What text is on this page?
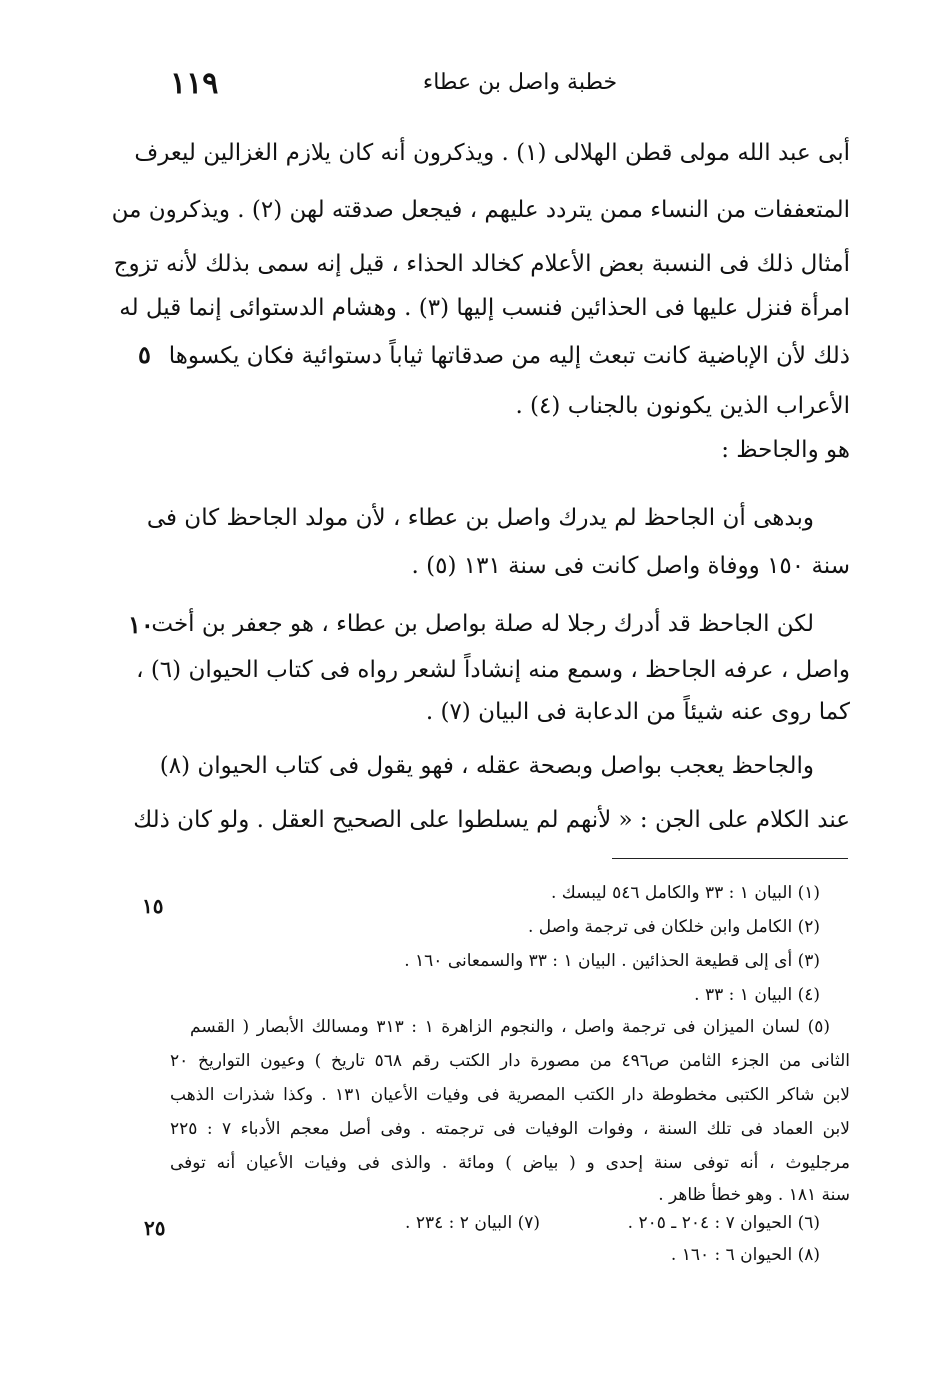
١١٩	خطبة واصل بن عطاء
أبى عبد الله مولى قطن الهلالى (١) . ويذكرون أنه كان يلازم الغزالين ليعرف
المتعففات من النساء ممن يتردد عليهم ، فيجعل صدقته لهن (٢) . ويذكرون من
أمثال ذلك فى النسبة بعض الأعلام كخالد الحذاء ، قيل إنه سمى بذلك لأنه تزوج
امرأة فنزل عليها فى الحذائين فنسب إليها (٣) . وهشام الدستوائى إنما قيل له
ذلك لأن الإباضية كانت تبعث إليه من صدقاتها ثياباً دستوائية فكان يكسوها
الأعراب الذين يكونون بالجناب (٤) .
٥
هو والجاحظ :
وبدهى أن الجاحظ لم يدرك واصل بن عطاء ، لأن مولد الجاحظ كان فى
سنة ١٥٠ ووفاة واصل كانت فى سنة ١٣١ (٥) .
لكن الجاحظ قد أدرك رجلا له صلة بواصل بن عطاء ، هو جعفر بن أخت
واصل ، عرفه الجاحظ ، وسمع منه إنشاداً لشعر رواه فى كتاب الحيوان (٦) ،
كما روى عنه شيئاً من الدعابة فى البيان (٧) .
١٠
والجاحظ يعجب بواصل وبصحة عقله ، فهو يقول فى كتاب الحيوان (٨)
عند الكلام على الجن : « لأنهم لم يسلطوا على الصحيح العقل . ولو كان ذلك
١٥
(١) البيان ١ : ٣٣ والكامل ٥٤٦ ليبسك .
(٢) الكامل وابن خلكان فى ترجمة واصل .
(٣) أى إلى قطيعة الحذائين . البيان ١ : ٣٣ والسمعانى ١٦٠ .
(٤) البيان ١ : ٣٣ .
(٥) لسان الميزان فى ترجمة واصل ، والنجوم الزاهرة ١ : ٣١٣ ومسالك الأبصار ( القسم
الثانى من الجزء الثامن ص٤٩٦ من مصورة دار الكتب رقم ٥٦٨ تاريخ ) وعيون التواريخ ٢٠
لابن شاكر الكتبى مخطوطة دار الكتب المصرية فى وفيات الأعيان ١٣١ . وكذا شذرات الذهب
لابن العماد فى تلك السنة ، وفوات الوفيات فى ترجمته . وفى أصل معجم الأدباء ٧ : ٢٢٥
مرجليوث ، أنه توفى سنة إحدى و ( بياض ) ومائة . والذى فى وفيات الأعيان أنه توفى
سنة ١٨١ . وهو خطأ ظاهر .
(٦) الحيوان ٧ : ٢٠٤ ـ ٢٠٥ .
(٧) البيان ٢ : ٢٣٤ .
٢٥
(٨) الحيوان ٦ : ١٦٠ .
